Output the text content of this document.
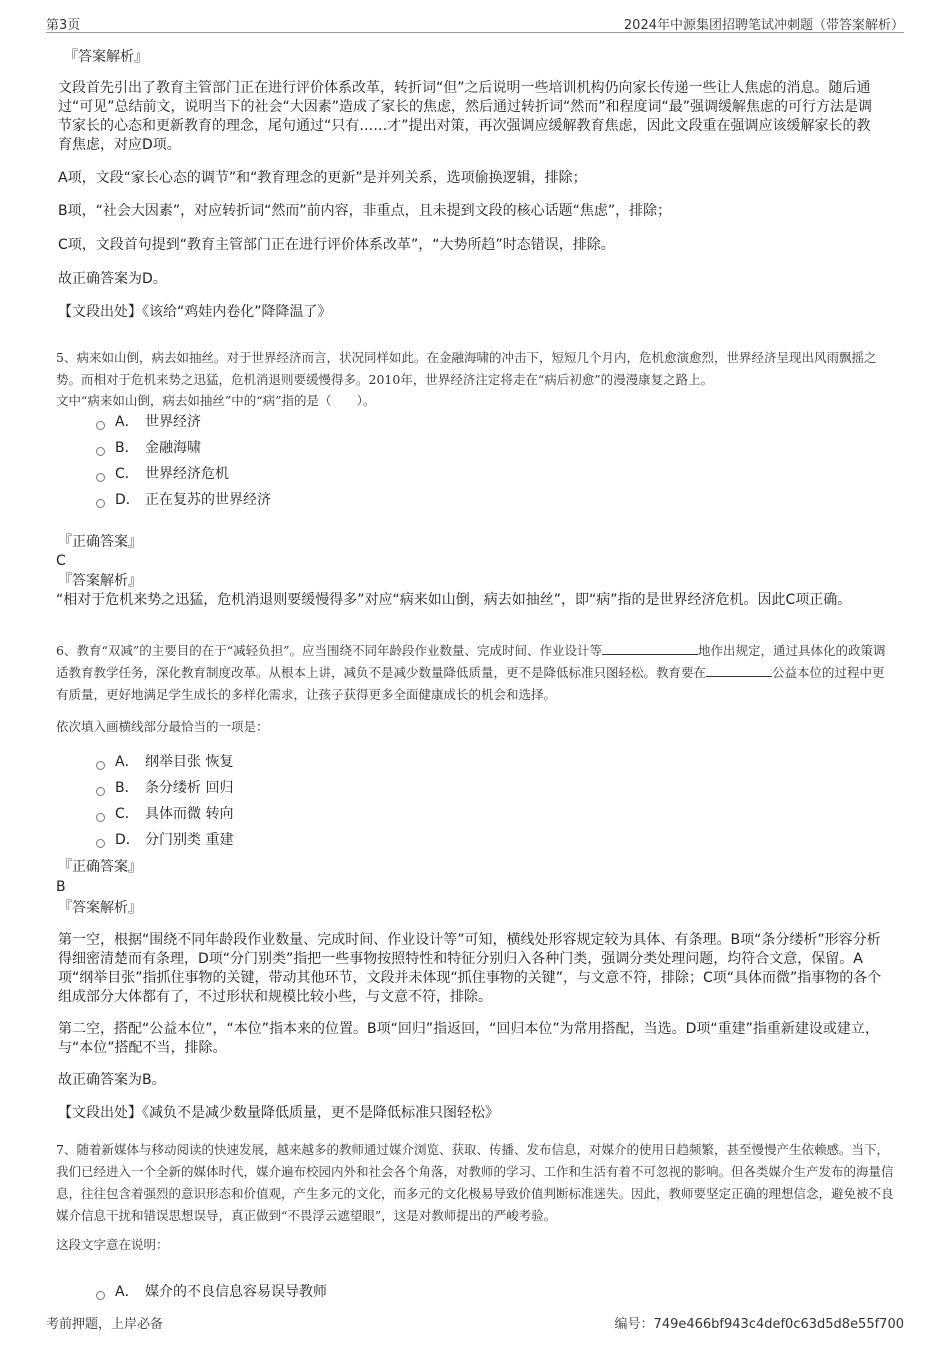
第3页	2024年中源集团招聘笔试冲刺题（带答案解析）
『答案解析』

文段首先引出了教育主管部门正在进行评价体系改革，转折词“但”之后说明一些培训机构仍向家长传递一些让人焦虑的消息。随后通过“可见”总结前文，说明当下的社会“大因素”造成了家长的焦虑，然后通过转折词“然而”和程度词“最”强调缓解焦虑的可行方法是调节家长的心态和更新教育的理念，尾句通过“只有……才”提出对策，再次强调应缓解教育焦虑，因此文段重在强调应该缓解家长的教育焦虑，对应D项。

A项，文段“家长心态的调节”和“教育理念的更新”是并列关系，选项偷换逻辑，排除；

B项，“社会大因素”，对应转折词“然而”前内容，非重点，且未提到文段的核心话题“焦虑”，排除；

C项，文段首句提到“教育主管部门正在进行评价体系改革”，“大势所趋”时态错误，排除。

故正确答案为D。

【文段出处】《该给“鸡娃内卷化”降降温了》

5、病来如山倒，病去如抽丝。对于世界经济而言，状况同样如此。在金融海啸的冲击下，短短几个月内，危机愈演愈烈，世界经济呈现出风雨飘摇之势。而相对于危机来势之迅猛，危机消退则要缓慢得多。2010年，世界经济注定将走在“病后初愈”的漫漫康复之路上。

文中“病来如山倒，病去如抽丝”中的“病”指的是（　　）。

A． 世界经济
B． 金融海啸
C． 世界经济危机
D． 正在复苏的世界经济
『正确答案』
C
『答案解析』

“相对于危机来势之迅猛，危机消退则要缓慢得多”对应“病来如山倒，病去如抽丝”，即“病”指的是世界经济危机。因此C项正确。

6、教育“双减”的主要目的在于“减轻负担”。应当围绕不同年龄段作业数量、完成时间、作业设计等	地作出规定，通过具体化的政策调适教育教学任务，深化教育制度改革。从根本上讲，减负不是减少数量降低质量，更不是降低标准只图轻松。教育要在	公益本位的过程中更有质量，更好地满足学生成长的多样化需求，让孩子获得更多全面健康成长的机会和选择。

依次填入画横线部分最恰当的一项是：

A． 纲举目张 恢复
B． 条分缕析 回归
C． 具体而微 转向
D． 分门别类 重建
『正确答案』
B
『答案解析』

第一空，根据“围绕不同年龄段作业数量、完成时间、作业设计等”可知，横线处形容规定较为具体、有条理。B项“条分缕析”形容分析得细密清楚而有条理，D项“分门别类”指把一些事物按照特性和特征分别归入各种门类，强调分类处理问题，均符合文意，保留。A项“纲举目张”指抓住事物的关键，带动其他环节，文段并未体现“抓住事物的关键”，与文意不符，排除；C项“具体而微”指事物的各个组成部分大体都有了，不过形状和规模比较小些，与文意不符，排除。

第二空，搭配“公益本位”，“本位”指本来的位置。B项“回归”指返回，“回归本位”为常用搭配，当选。D项“重建”指重新建设或建立，与“本位”搭配不当，排除。

故正确答案为B。

【文段出处】《减负不是减少数量降低质量，更不是降低标准只图轻松》

7、随着新媒体与移动阅读的快速发展，越来越多的教师通过媒介浏览、获取、传播、发布信息，对媒介的使用日趋频繁，甚至慢慢产生依赖感。当下，我们已经进入一个全新的媒体时代，媒介遍布校园内外和社会各个角落，对教师的学习、工作和生活有着不可忽视的影响。但各类媒介生产发布的海量信息，往往包含着强烈的意识形态和价值观，产生多元的文化，而多元的文化极易导致价值判断标准迷失。因此，教师要坚定正确的理想信念，避免被不良媒介信息干扰和错误思想误导，真正做到“不畏浮云遮望眼”，这是对教师提出的严峻考验。

这段文字意在说明：

A． 媒介的不良信息容易误导教师
考前押题，上岸必备	编号：749e466bf943c4def0c63d5d8e55f700
